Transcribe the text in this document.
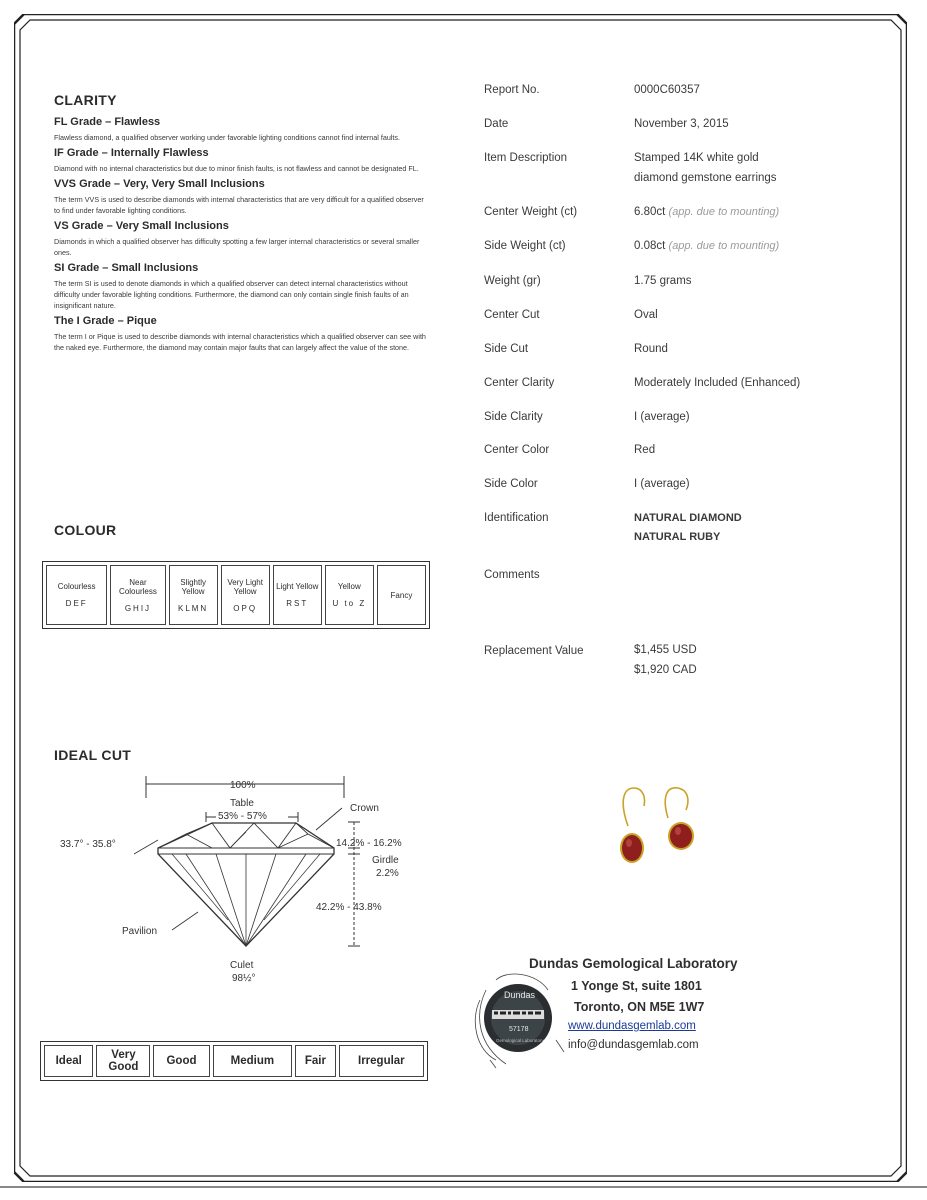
CLARITY
FL Grade – Flawless
Flawless diamond, a qualified observer working under favorable lighting conditions cannot find internal faults.
IF Grade – Internally Flawless
Diamond with no internal characteristics but due to minor finish faults, is not flawless and cannot be designated FL.
VVS Grade – Very, Very Small Inclusions
The term VVS is used to describe diamonds with internal characteristics that are very difficult for a qualified observer to find under favorable lighting conditions.
VS Grade – Very Small Inclusions
Diamonds in which a qualified observer has difficulty spotting a few larger internal characteristics or several smaller ones.
SI Grade – Small Inclusions
The term SI is used to denote diamonds in which a qualified observer can detect internal characteristics without difficulty under favorable lighting conditions. Furthermore, the diamond can only contain single finish faults of an insignificant nature.
The I Grade – Pique
The term I or Pique is used to describe diamonds with internal characteristics which a qualified observer can see with the naked eye. Furthermore, the diamond may contain major faults that can largely affect the value of the stone.
COLOUR
Colourless
DEF
	Near Colourless
GHIJ
	Slightly Yellow
KLMN
	Very Light Yellow
OPQ
	Light Yellow
RST
	Yellow
U to Z
	Fancy
IDEAL CUT
100%
Table
53% - 57%
Crown
33.7° - 35.8°	14.2% - 16.2%
Girdle
2.2%
42.2% - 43.8%
Pavilion
Culet
98½°
Ideal	Very Good	Good	Medium	Fair	Irregular
Report No.	0000C60357
Date	November 3, 2015
Item Description	Stamped 14K white gold
diamond gemstone earrings
Center Weight (ct)	6.80ct (app. due to mounting)
Side Weight (ct)	0.08ct (app. due to mounting)
Weight (gr)	1.75 grams
Center Cut	Oval
Side Cut	Round
Center Clarity	Moderately Included (Enhanced)
Side Clarity	I (average)
Center Color	Red
Side Color	I (average)
Identification	NATURAL DIAMOND
NATURAL RUBY
Comments
Replacement Value	$1,455 USD
$1,920 CAD
Dundas
57178
Gemological Laboratory
Dundas Gemological Laboratory
1 Yonge St, suite 1801
Toronto, ON M5E 1W7
www.dundasgemlab.com
info@dundasgemlab.com
